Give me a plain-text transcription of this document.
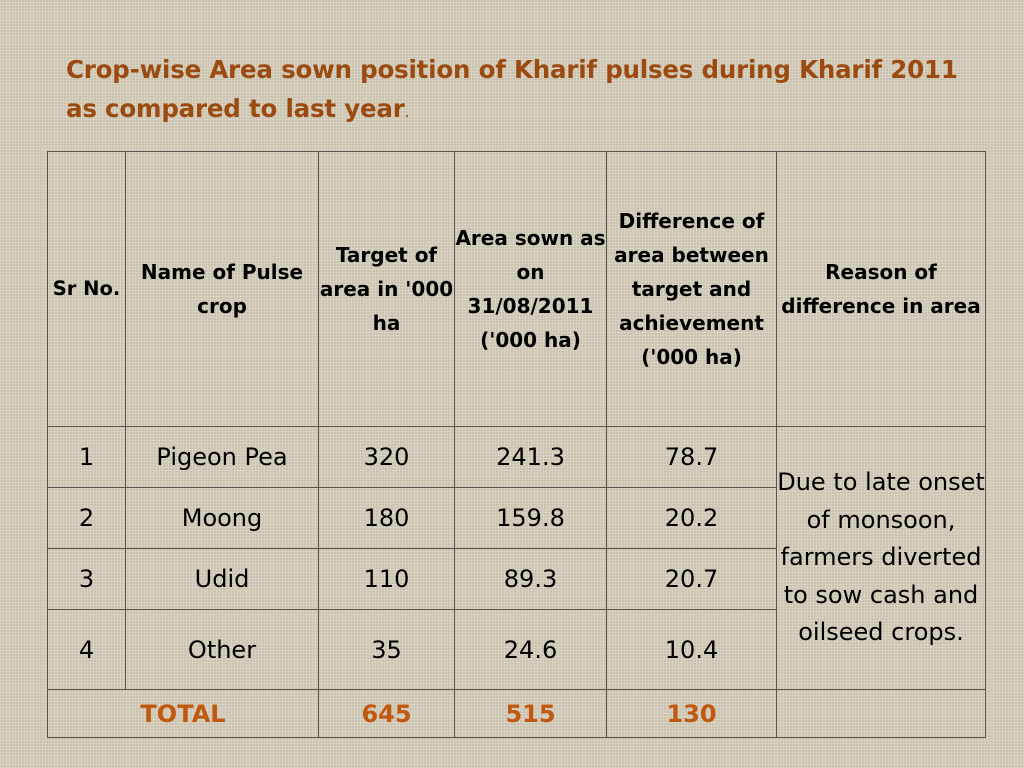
Crop-wise Area sown position of Kharif pulses during Kharif 2011
as compared to last year.
Sr No.	Name of Pulse crop	Target of area in '000 ha	Area sown as on 31/08/2011 ('000 ha)	Difference of area between target and achievement ('000 ha)	Reason of difference in area
1	Pigeon Pea	320	241.3	78.7	Due to late onset of monsoon, farmers diverted to sow cash and oilseed crops.
2	Moong	180	159.8	20.2	
3	Udid	110	89.3	20.7	
4	Other	35	24.6	10.4	
TOTAL		645	515	130	
